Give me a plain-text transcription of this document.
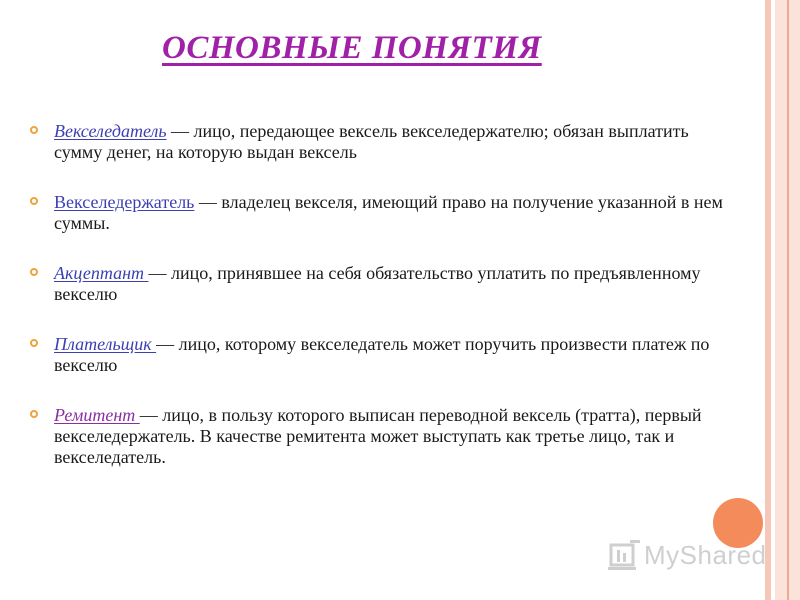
ОСНОВНЫЕ ПОНЯТИЯ
Векселедатель — лицо, передающее вексель векселедержателю; обязан выплатить сумму денег, на которую выдан вексель
Векселедержатель — владелец векселя, имеющий право на получение указанной в нем суммы.
Акцептант — лицо, принявшее на себя обязательство уплатить по предъявленному векселю
Плательщик — лицо, которому векселедатель может поручить произвести платеж по векселю
Ремитент — лицо, в пользу которого выписан переводной вексель (тратта), первый векселедержатель. В качестве ремитента может выступать как третье лицо, так и векселедатель.
MyShared
